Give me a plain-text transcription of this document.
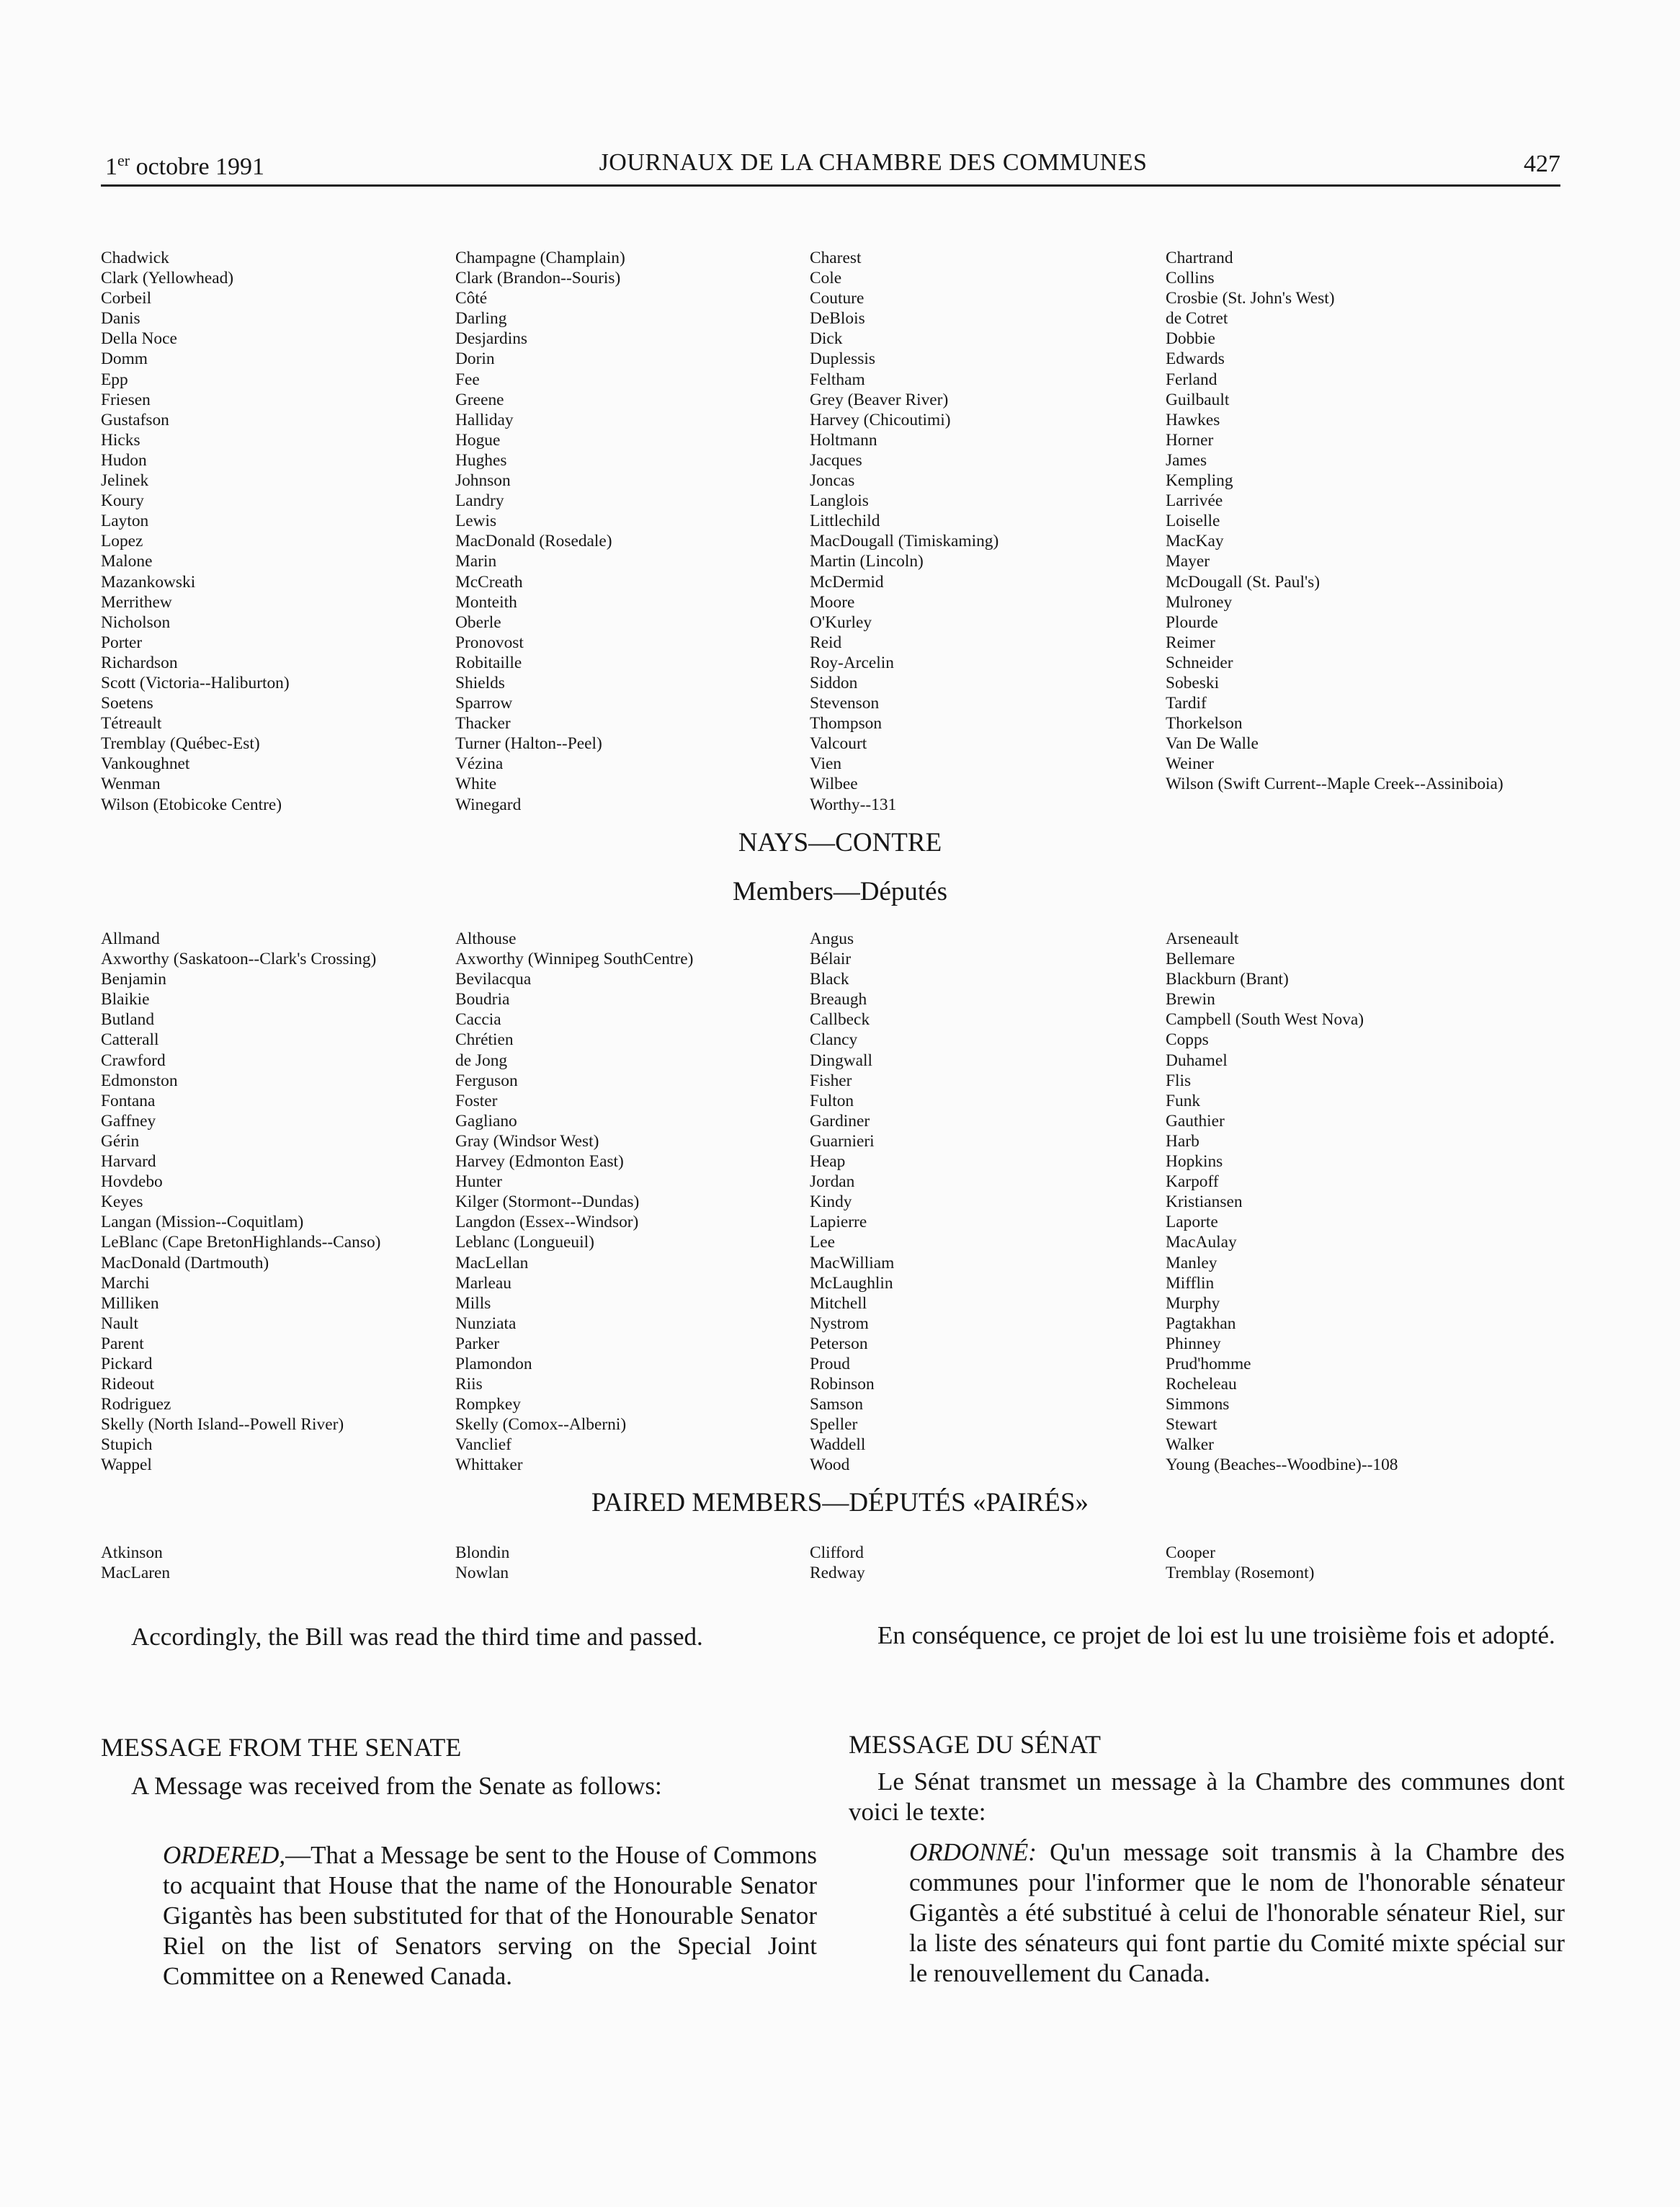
1er octobre 1991	JOURNAUX DE LA CHAMBRE DES COMMUNES	427
Chadwick
Clark (Yellowhead)
Corbeil
Danis
Della Noce
Domm
Epp
Friesen
Gustafson
Hicks
Hudon
Jelinek
Koury
Layton
Lopez
Malone
Mazankowski
Merrithew
Nicholson
Porter
Richardson
Scott (Victoria--Haliburton)
Soetens
Tétreault
Tremblay (Québec-Est)
Vankoughnet
Wenman
Wilson (Etobicoke Centre)
Champagne (Champlain)
Clark (Brandon--Souris)
Côté
Darling
Desjardins
Dorin
Fee
Greene
Halliday
Hogue
Hughes
Johnson
Landry
Lewis
MacDonald (Rosedale)
Marin
McCreath
Monteith
Oberle
Pronovost
Robitaille
Shields
Sparrow
Thacker
Turner (Halton--Peel)
Vézina
White
Winegard
Charest
Cole
Couture
DeBlois
Dick
Duplessis
Feltham
Grey (Beaver River)
Harvey (Chicoutimi)
Holtmann
Jacques
Joncas
Langlois
Littlechild
MacDougall (Timiskaming)
Martin (Lincoln)
McDermid
Moore
O'Kurley
Reid
Roy-Arcelin
Siddon
Stevenson
Thompson
Valcourt
Vien
Wilbee
Worthy--131
Chartrand
Collins
Crosbie (St. John's West)
de Cotret
Dobbie
Edwards
Ferland
Guilbault
Hawkes
Horner
James
Kempling
Larrivée
Loiselle
MacKay
Mayer
McDougall (St. Paul's)
Mulroney
Plourde
Reimer
Schneider
Sobeski
Tardif
Thorkelson
Van De Walle
Weiner
Wilson (Swift Current--Maple Creek--Assiniboia)
NAYS—CONTRE
Members—Députés
Allmand
Axworthy (Saskatoon--Clark's Crossing)
Benjamin
Blaikie
Butland
Catterall
Crawford
Edmonston
Fontana
Gaffney
Gérin
Harvard
Hovdebo
Keyes
Langan (Mission--Coquitlam)
LeBlanc (Cape BretonHighlands--Canso)
MacDonald (Dartmouth)
Marchi
Milliken
Nault
Parent
Pickard
Rideout
Rodriguez
Skelly (North Island--Powell River)
Stupich
Wappel
Althouse
Axworthy (Winnipeg SouthCentre)
Bevilacqua
Boudria
Caccia
Chrétien
de Jong
Ferguson
Foster
Gagliano
Gray (Windsor West)
Harvey (Edmonton East)
Hunter
Kilger (Stormont--Dundas)
Langdon (Essex--Windsor)
Leblanc (Longueuil)
MacLellan
Marleau
Mills
Nunziata
Parker
Plamondon
Riis
Rompkey
Skelly (Comox--Alberni)
Vanclief
Whittaker
Angus
Bélair
Black
Breaugh
Callbeck
Clancy
Dingwall
Fisher
Fulton
Gardiner
Guarnieri
Heap
Jordan
Kindy
Lapierre
Lee
MacWilliam
McLaughlin
Mitchell
Nystrom
Peterson
Proud
Robinson
Samson
Speller
Waddell
Wood
Arseneault
Bellemare
Blackburn (Brant)
Brewin
Campbell (South West Nova)
Copps
Duhamel
Flis
Funk
Gauthier
Harb
Hopkins
Karpoff
Kristiansen
Laporte
MacAulay
Manley
Mifflin
Murphy
Pagtakhan
Phinney
Prud'homme
Rocheleau
Simmons
Stewart
Walker
Young (Beaches--Woodbine)--108
PAIRED MEMBERS—DÉPUTÉS «PAIRÉS»
Atkinson
MacLaren
Blondin
Nowlan
Clifford
Redway
Cooper
Tremblay (Rosemont)
Accordingly, the Bill was read the third time and passed.
MESSAGE FROM THE SENATE
A Message was received from the Senate as follows:
ORDERED,—That a Message be sent to the House of Commons to acquaint that House that the name of the Honourable Senator Gigantès has been substituted for that of the Honourable Senator Riel on the list of Senators serving on the Special Joint Committee on a Renewed Canada.
En conséquence, ce projet de loi est lu une troisième fois et adopté.
MESSAGE DU SÉNAT
Le Sénat transmet un message à la Chambre des communes dont voici le texte:
ORDONNÉ: Qu'un message soit transmis à la Chambre des communes pour l'informer que le nom de l'honorable sénateur Gigantès a été substitué à celui de l'honorable sénateur Riel, sur la liste des sénateurs qui font partie du Comité mixte spécial sur le renouvellement du Canada.
